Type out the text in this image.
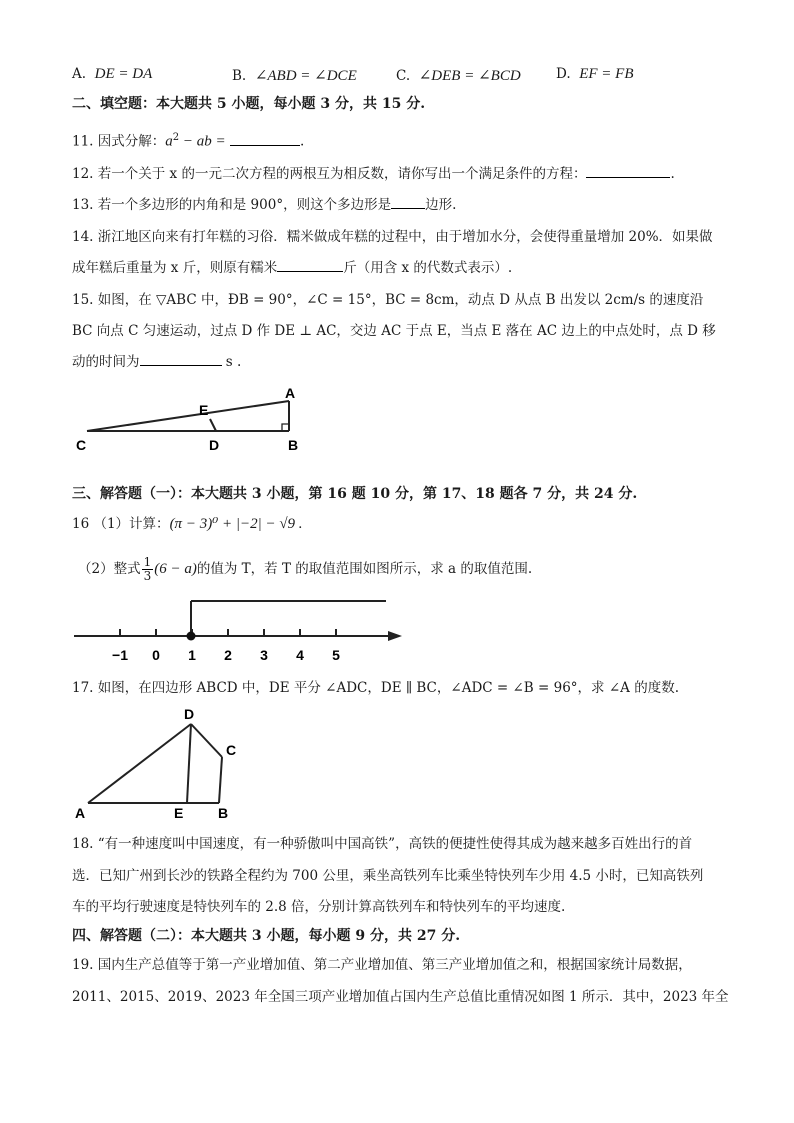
A. DE = DA	B. ∠ABD = ∠DCE	C. ∠DEB = ∠BCD	D. EF = FB
二、填空题：本大题共 5 小题，每小题 3 分，共 15 分.
11. 因式分解：$a^2$ − ab =	.
12. 若一个关于 x 的一元二次方程的两根互为相反数，请你写出一个满足条件的方程：	.
13. 若一个多边形的内角和是 900°，则这个多边形是	边形.
14. 浙江地区向来有打年糕的习俗．糯米做成年糕的过程中，由于增加水分，会使得重量增加 20%．如果做
成年糕后重量为 x 斤，则原有糯米	斤（用含 x 的代数式表示）.
15. 如图，在 ▽ABC 中，ÐB = 90°，∠C = 15°，BC = 8cm，动点 D 从点 B 出发以 2cm/s 的速度沿
BC 向点 C 匀速运动，过点 D 作 DE ⊥ AC，交边 AC 于点 E，当点 E 落在 AC 边上的中点处时，点 D 移
动的时间为	s .
A
B
C	D
E
三、解答题（一）：本大题共 3 小题，第 16 题 10 分，第 17、18 题各 7 分，共 24 分.
16 （1）计算：(π − 3)⁰ + |−2| − √9 .
（2）整式 $\frac{1}{3} (6 - a)$的值为 T，若 T 的取值范围如图所示，求 a 的取值范围.
−1 0 1 2 3 4 5
17. 如图，在四边形 ABCD 中，DE 平分 ∠ADC，DE ∥ BC，∠ADC = ∠B = 96°，求 ∠A 的度数.
D
C
A	E B
18. “有一种速度叫中国速度，有一种骄傲叫中国高铁”，高铁的便捷性使得其成为越来越多百姓出行的首
选．已知广州到长沙的铁路全程约为 700 公里，乘坐高铁列车比乘坐特快列车少用 4.5 小时，已知高铁列
车的平均行驶速度是特快列车的 2.8 倍，分别计算高铁列车和特快列车的平均速度.
四、解答题（二）：本大题共 3 小题，每小题 9 分，共 27 分.
19. 国内生产总值等于第一产业增加值、第二产业增加值、第三产业增加值之和，根据国家统计局数据，
2011、2015、2019、2023 年全国三项产业增加值占国内生产总值比重情况如图 1 所示．其中，2023 年全
